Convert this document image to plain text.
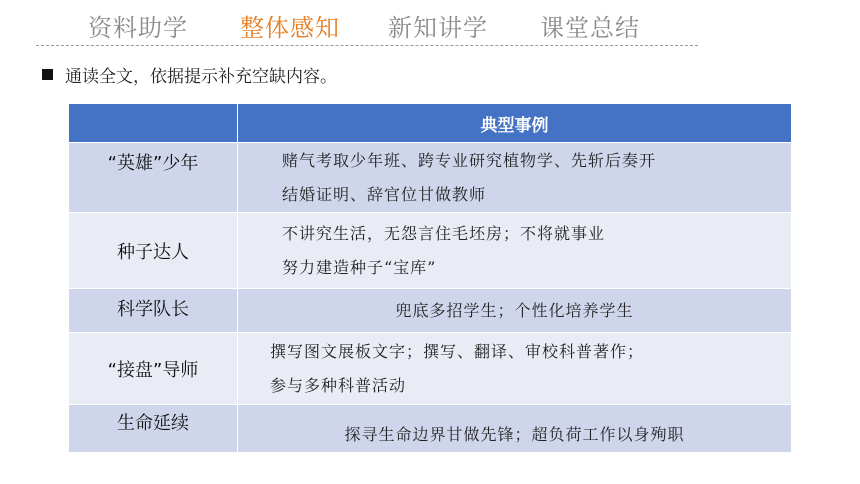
资料助学 整体感知 新知讲学 课堂总结
通读全文，依据提示补充空缺内容。
	典型事例
“英雄”少年	赌气考取少年班、跨专业研究植物学、先斩后奏开
结婚证明、辞官位甘做教师

种子达人	不讲究生活，无怨言住毛坯房；不将就事业
努力建造种子“宝库”

科学队长	兜底多招学生；个性化培养学生

“接盘”导师	撰写图文展板文字；撰写、翻译、审校科普著作；
参与多种科普活动

生命延续	探寻生命边界甘做先锋；超负荷工作以身殉职
